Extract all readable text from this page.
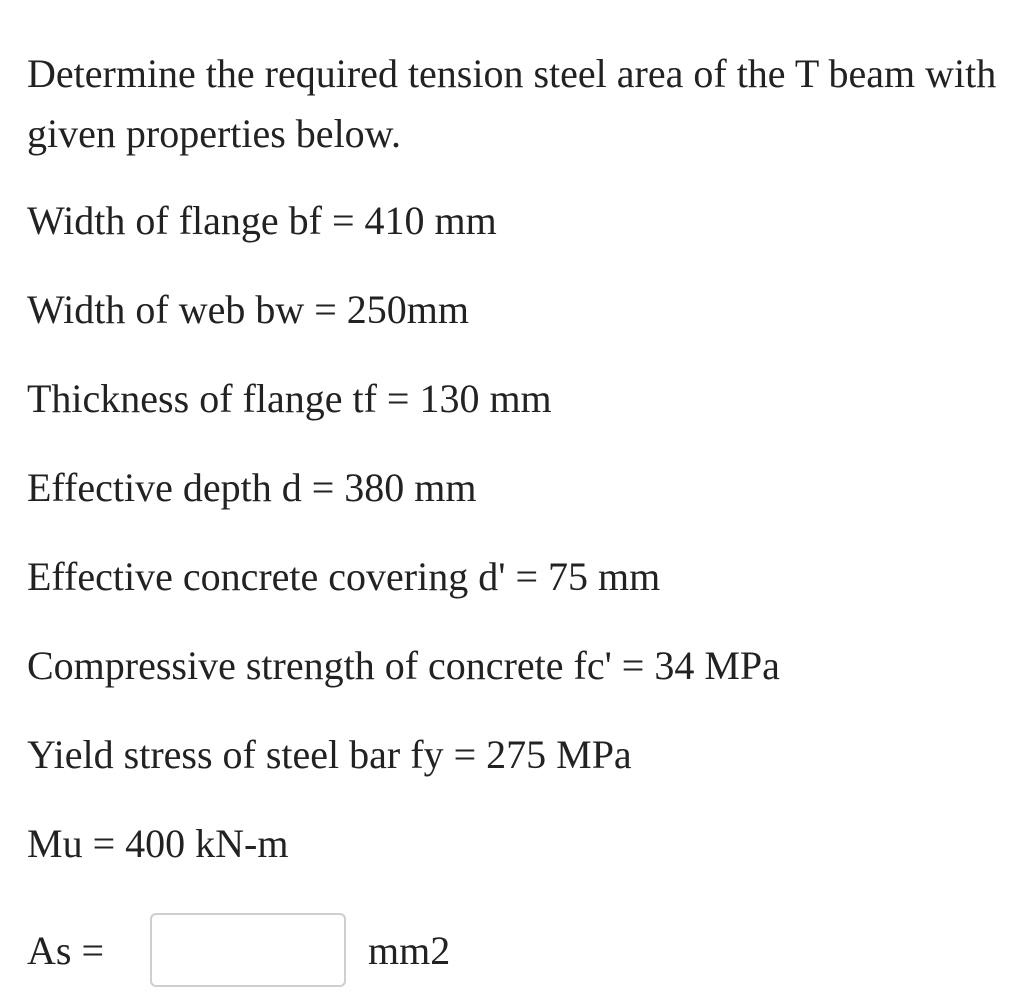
Determine the required tension steel area of the T beam with given properties below.

Width of flange bf = 410 mm
Width of web bw = 250mm
Thickness of flange tf = 130 mm
Effective depth d = 380 mm
Effective concrete covering d' = 75 mm
Compressive strength of concrete fc' = 34 MPa
Yield stress of steel bar fy = 275 MPa
Mu = 400 kN-m
As =	mm2
